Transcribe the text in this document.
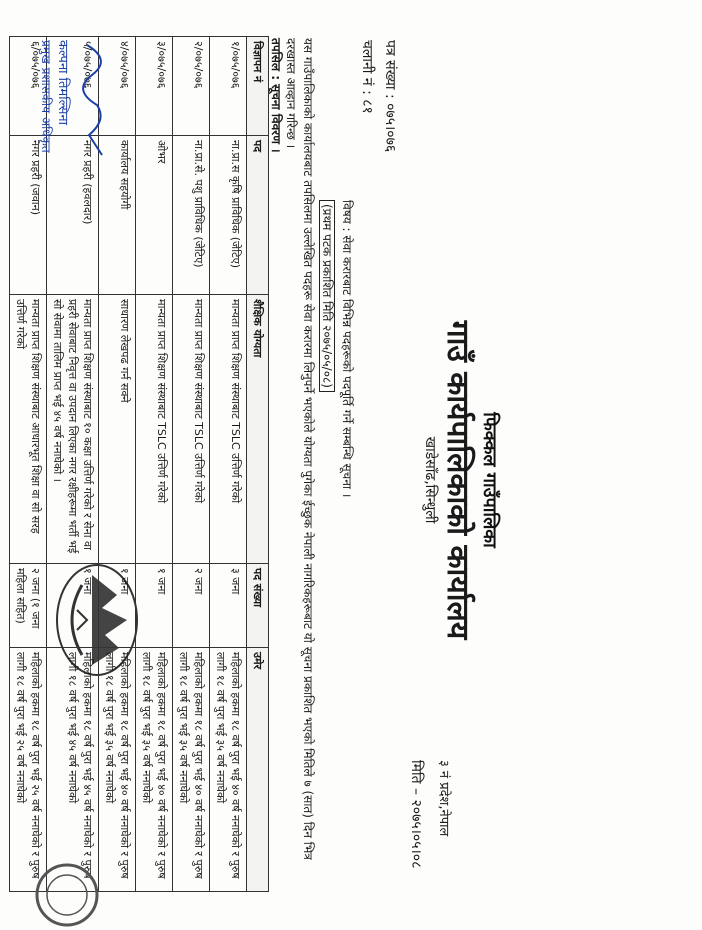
फिक्कल गाउँपालिका
गाउँ कार्यपालिकाको कार्यालय
खाडेसाँढ,सिन्धुली
३ नं प्रदेश,नेपाल
मिति – २०७५।०५।०८
पत्र संख्या : ०७५।०७६
चलानी नं : ८१
विषय : सेवा करारबाट विभिन्न पदहरूको पदपूर्ति गर्ने सम्बन्धि सूचना ।
(प्रथम पटक प्रकाशित मिति २०७५/०५/०८)
यस गाउँपालिकाको कार्यालयबाट तपसिलमा उल्लेखित पदहरू सेवा करारमा लिनुपर्ने भएकोले योग्यता पुगेका ईच्छुक नेपाली नागरिकहरूबाट यो सूचना प्रकाशित भएको मितिले ७ (सात) दिन भित्र दरखास्त आव्हान गरिन्छ ।
तपसिल : सूचना विवरण ।
विज्ञापन नं	पद	शैक्षिक योग्यता	पद संख्या	उमेर
१/०७५/०७६	ना.प्रा.स कृषि प्राविधिक (जेटिए)	मान्यता प्राप्त शिक्षण संस्थाबाट TSLC उत्तिर्ण गरेको	३ जना	महिलाको हकमा १८ वर्ष पुरा भई ४० वर्ष ननाघेको र पुरुष लागी १८ वर्ष पुरा भई ३५ वर्ष ननाघेको
२/०७५/०७६	ना.प्रा.से. पशु प्राविधिक (जेटिए)	मान्यता प्राप्त शिक्षण संस्थाबाट TSLC उत्तिर्ण गरेको	२ जना	महिलाको हकमा १८ वर्ष पुरा भई ४० वर्ष ननाघेको र पुरुष लागी १८ वर्ष पुरा भई ३५ वर्ष ननाघेको
३/०७५/०७६	ओभर	मान्यता प्राप्त शिक्षण संस्थाबाट TSLC उत्तिर्ण गरेको	१ जना	महिलाको हकमा १८ वर्ष पुरा भई ४० वर्ष ननाघेको र पुरुष लागी १८ वर्ष पुरा भई ३५ वर्ष ननाघेको
४/०७५/०७६	कार्यालय सहयोगी	साधारण लेखपढ गर्न सक्ने	१ जना	महिलाको हकमा १८ वर्ष पुरा भई ४० वर्ष ननाघेको र पुरुष लागी १८ वर्ष पुरा भई ३५ वर्ष ननाघेको
५/०७५/०७६	नगर प्रहरी (हवलदार)	मान्यता प्राप्त शिक्षण संस्थाबाट १० कक्षा उत्तिर्ण गरेको र सेना वा प्रहरी सेवाबाट निवृत्त वा उपदान लिएका नगर रक्षीहरूमा भर्ती भई सो सेवामा तालिम प्राप्त भई ४५ वर्ष ननाघेको ।	१ जना	महिलाको हकमा १८ वर्ष पुरा भई ४५ वर्ष ननाघेको र पुरुष लागी १८ वर्ष पुरा भई ४५ वर्ष ननाघेको
६/०७५/०७६	नगर प्रहरी (जवान)	मान्यता प्राप्त शिक्षण संस्थाबाट आधारभूत शिक्षा वा सो सरह उत्तिर्ण गरेको	२ जना (१ जना महिला सहित)	महिलाको हकमा १८ वर्ष पुरा भई २५ वर्ष ननाघेको र पुरुष लागी १८ वर्ष पुरा भई २५ वर्ष ननाघेको
कल्पना तिमल्सिना
प्रमुख प्रशासकीय अधिकृत
